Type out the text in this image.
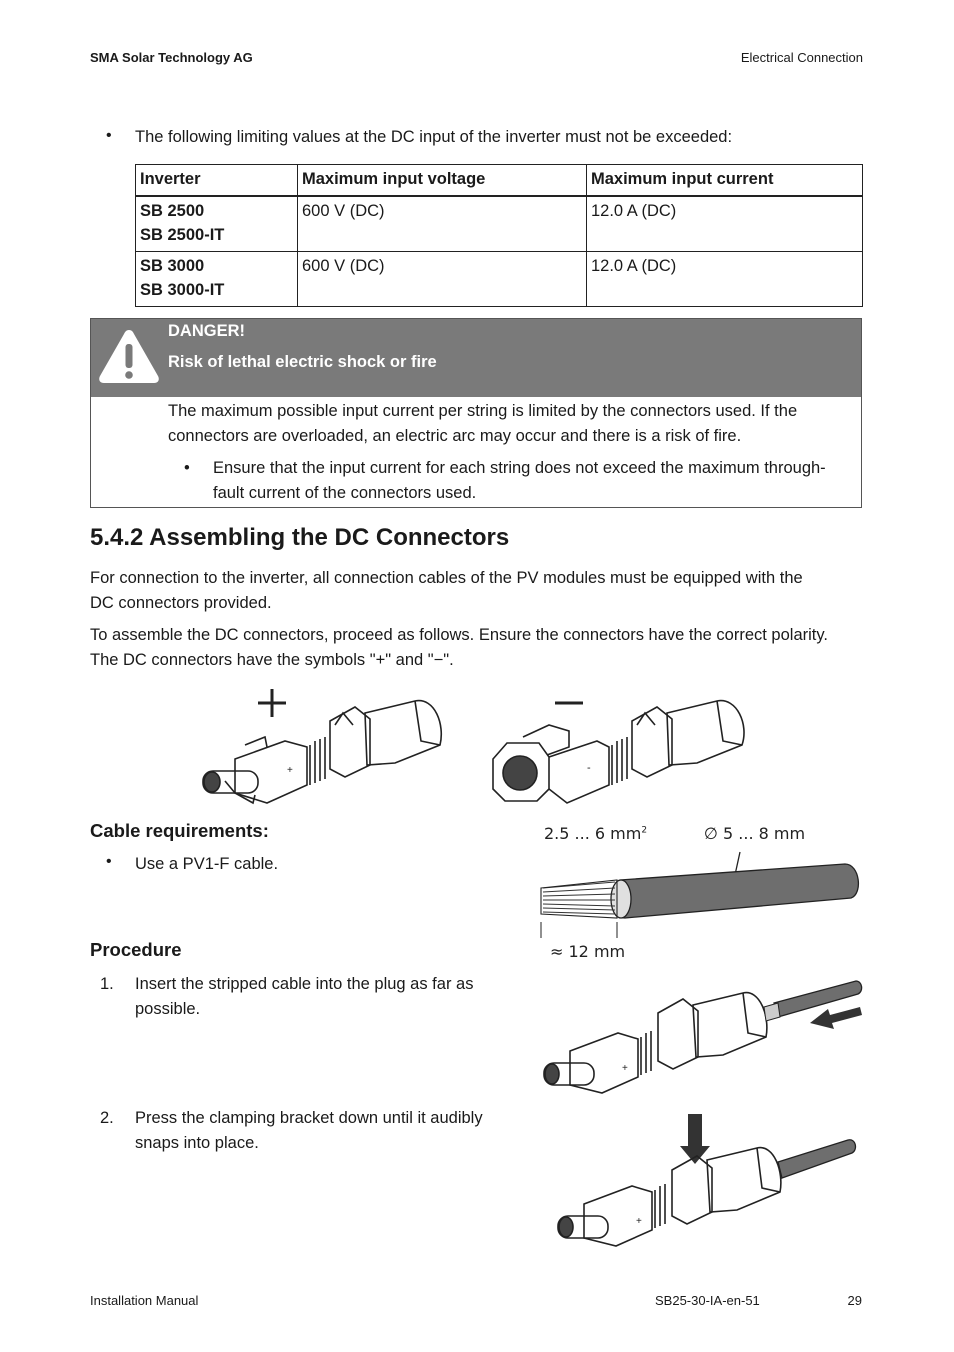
SMA Solar Technology AG	Electrical Connection
• The following limiting values at the DC input of the inverter must not be exceeded:
Inverter	Maximum input voltage	Maximum input current

SB 2500
SB 2500-IT	600 V (DC)	12.0 A (DC)

SB 3000
SB 3000-IT	600 V (DC)	12.0 A (DC)
DANGER!
Risk of lethal electric shock or fire
The maximum possible input current per string is limited by the connectors used. If the
connectors are overloaded, an electric arc may occur and there is a risk of fire.
• Ensure that the input current for each string does not exceed the maximum through-
fault current of the connectors used.
5.4.2 Assembling the DC Connectors
For connection to the inverter, all connection cables of the PV modules must be equipped with the
DC connectors provided.
To assemble the DC connectors, proceed as follows. Ensure the connectors have the correct polarity.
The DC connectors have the symbols "+" and "−".
+	-
Cable requirements:
• Use a PV1-F cable.
2.5 ... 6 $mm^2$	∅ 5 ... 8 mm
≈ 12 mm
Procedure
1. Insert the stripped cable into the plug as far as
possible.
+
2. Press the clamping bracket down until it audibly
snaps into place.
+
Installation Manual	SB25-30-IA-en-51	29
